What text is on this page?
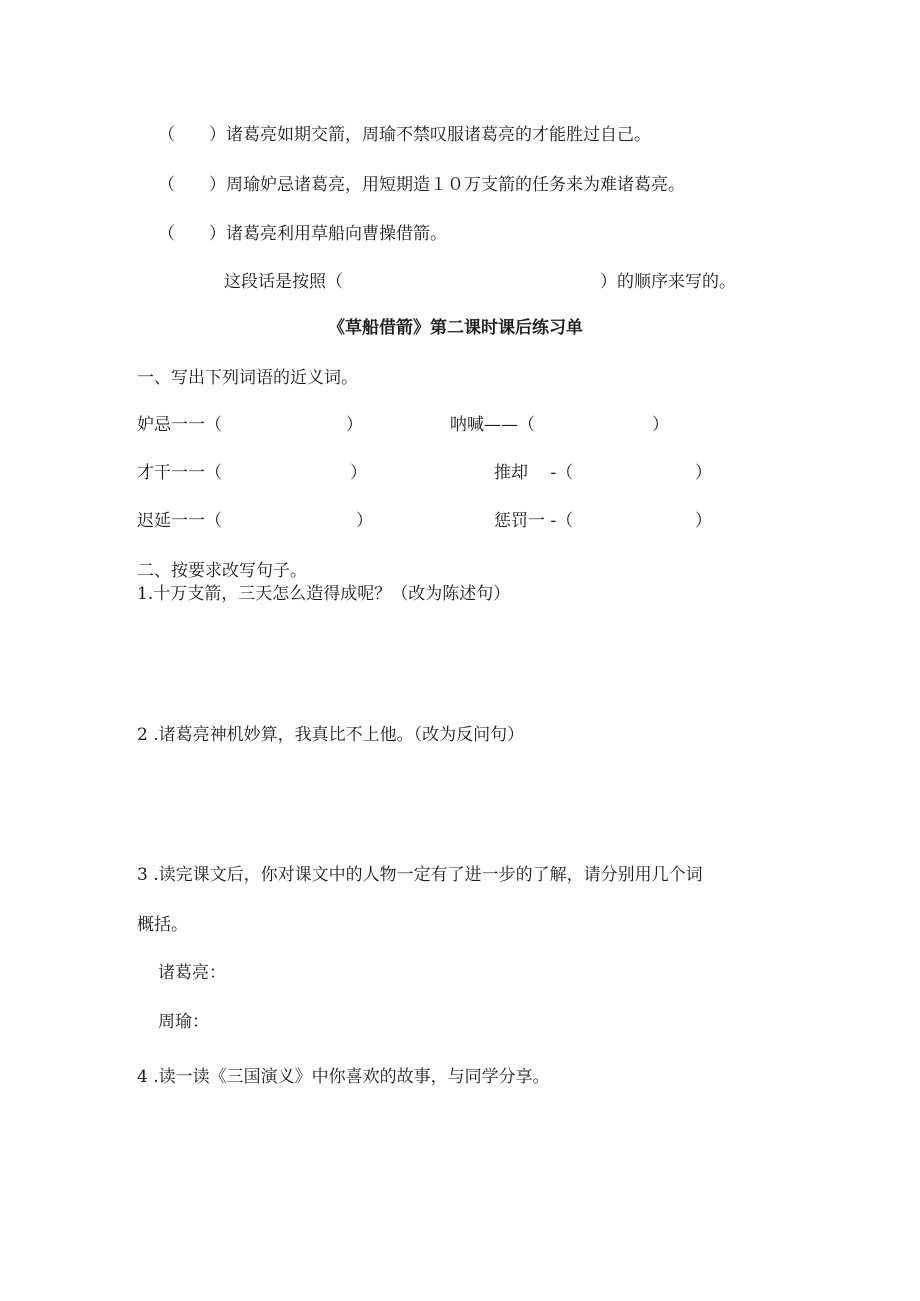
（　　）诸葛亮如期交箭，周瑜不禁叹服诸葛亮的才能胜过自己。
（　　）周瑜妒忌诸葛亮，用短期造１０万支箭的任务来为难诸葛亮。
（　　）诸葛亮利用草船向曹操借箭。
这段话是按照（	）的顺序来写的。
《草船借箭》第二课时课后练习单
一、写出下列词语的近义词。
妒忌一一（	）	呐喊——（	）
才干一一（	）	推却　 -（	）
迟延一一（	）	惩罚一 -（	）
二、按要求改写句子。
1.十万支箭，三天怎么造得成呢？（改为陈述句）
2 .诸葛亮神机妙算，我真比不上他。（改为反问句）
3 .读完课文后，你对课文中的人物一定有了进一步的了解，请分别用几个词
概括。
诸葛亮：
周瑜：
4 .读一读《三国演义》中你喜欢的故事，与同学分享。
